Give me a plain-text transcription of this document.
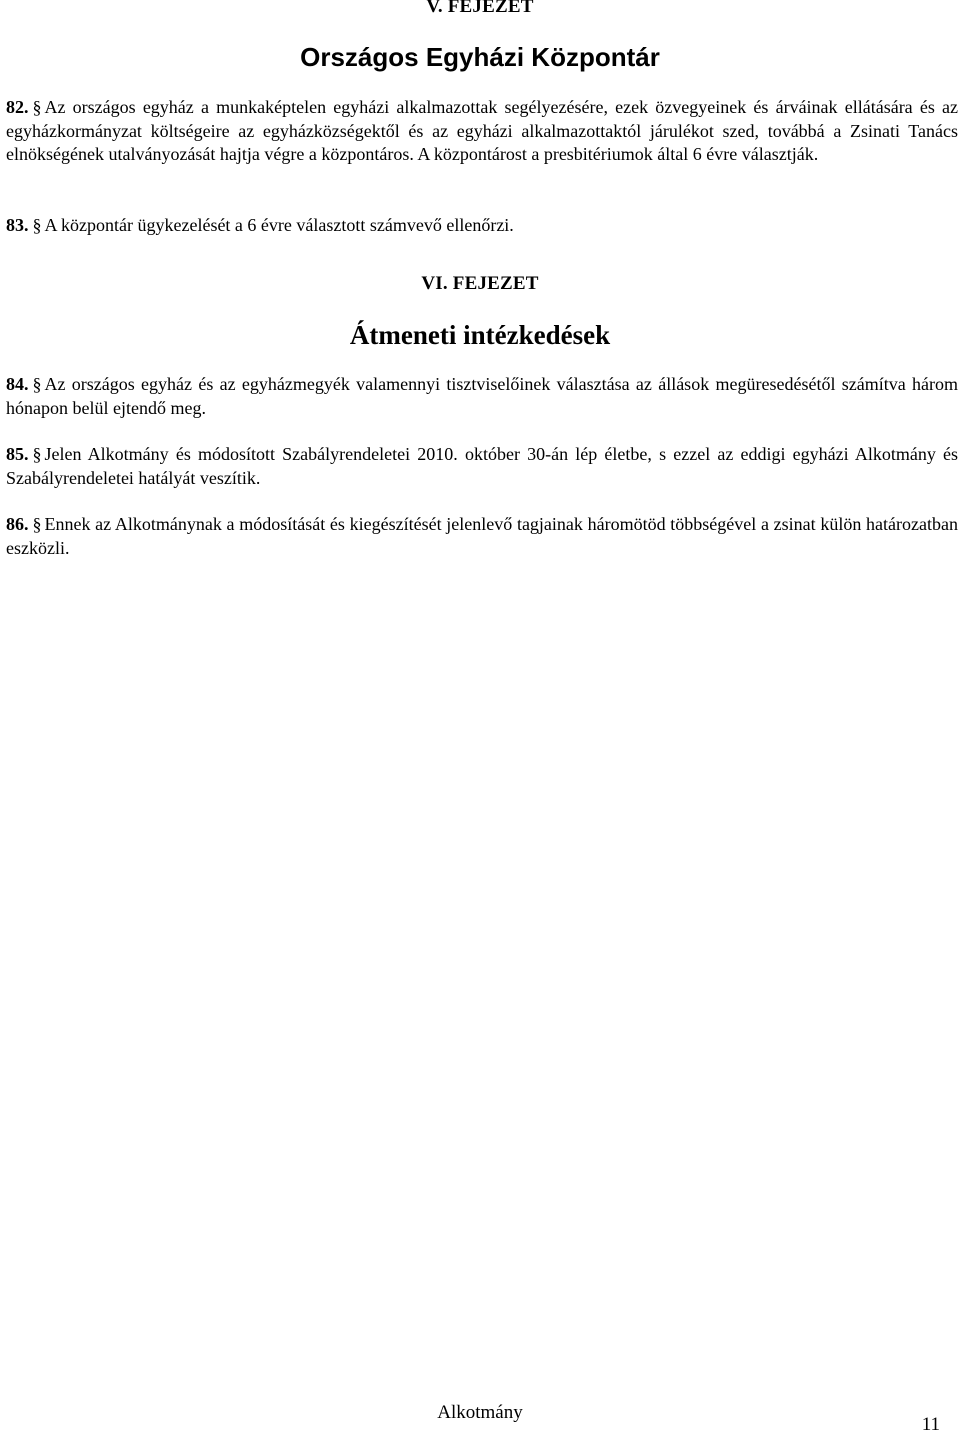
V. FEJEZET
Országos Egyházi Központár
82. § Az országos egyház a munkaképtelen egyházi alkalmazottak segélyezésére, ezek özvegyeinek és árváinak ellátására és az egyházkormányzat költségeire az egyházközségektől és az egyházi alkalmazottaktól járulékot szed, továbbá a Zsinati Tanács elnökségének utalványozását hajtja végre a központáros. A központárost a presbitériumok által 6 évre választják.
83. § A központár ügykezelését a 6 évre választott számvevő ellenőrzi.
VI. FEJEZET
Átmeneti intézkedések
84. § Az országos egyház és az egyházmegyék valamennyi tisztviselőinek választása az állások megüresedésétől számítva három hónapon belül ejtendő meg.
85. § Jelen Alkotmány és módosított Szabályrendeletei 2010. október 30-án lép életbe, s ezzel az eddigi egyházi Alkotmány és Szabályrendeletei hatályát veszítik.
86. § Ennek az Alkotmánynak a módosítását és kiegészítését jelenlevő tagjainak háromötöd többségével a zsinat külön határozatban eszközli.
Alkotmány
11
